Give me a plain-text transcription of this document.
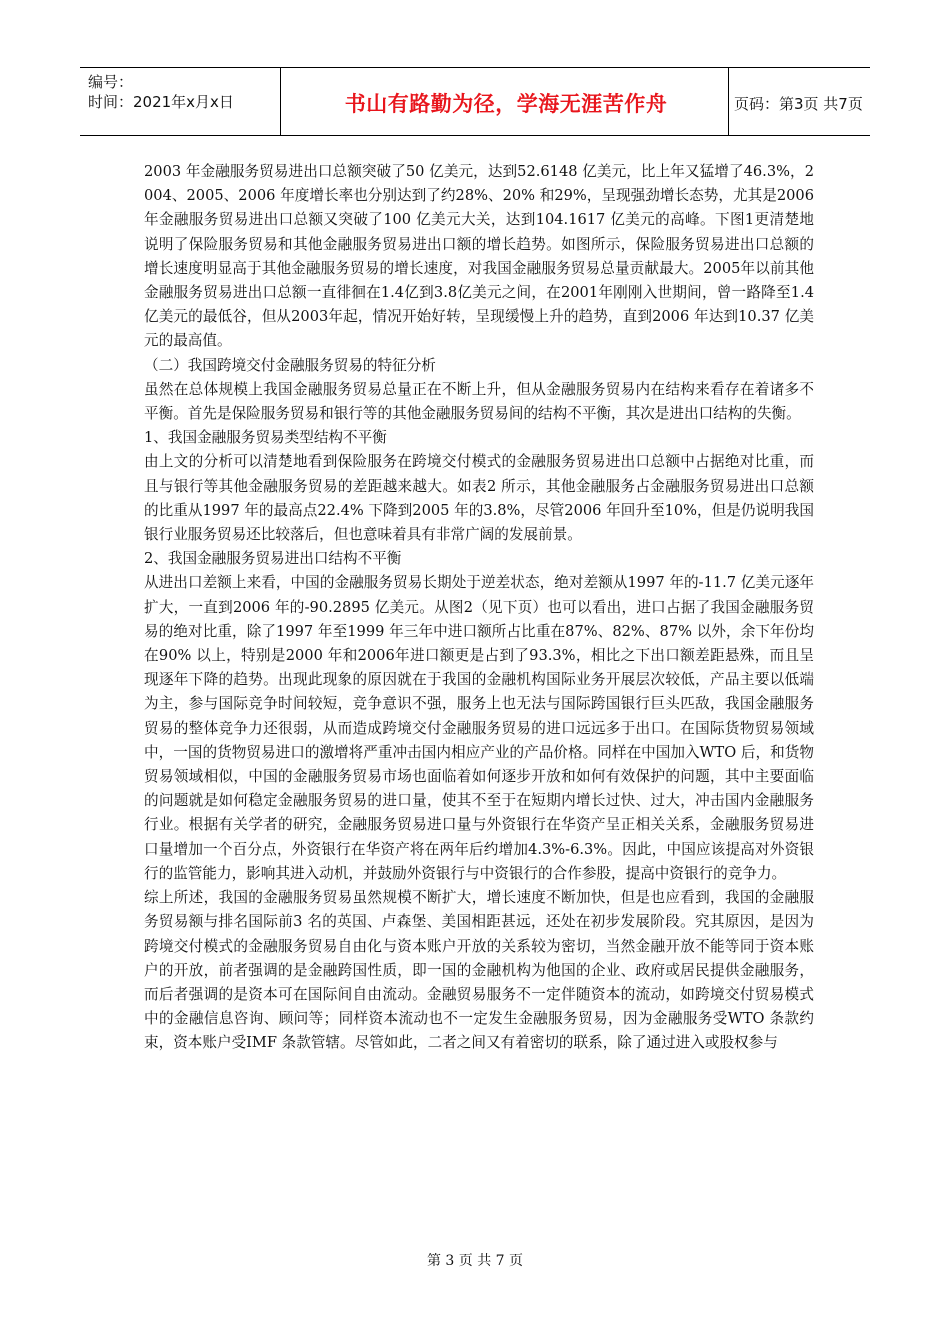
编号：
时间：2021年x月x日	书山有路勤为径，学海无涯苦作舟	页码：第3页 共7页

2003 年金融服务贸易进出口总额突破了50 亿美元，达到52.6148 亿美元，比上年又猛增了46.3%，2004、2005、2006 年度增长率也分别达到了约28%、20% 和29%，呈现强劲增长态势，尤其是2006 年金融服务贸易进出口总额又突破了100 亿美元大关，达到104.1617 亿美元的高峰。下图1更清楚地说明了保险服务贸易和其他金融服务贸易进出口额的增长趋势。如图所示，保险服务贸易进出口总额的增长速度明显高于其他金融服务贸易的增长速度，对我国金融服务贸易总量贡献最大。2005年以前其他金融服务贸易进出口总额一直徘徊在1.4亿到3.8亿美元之间，在2001年刚刚入世期间，曾一路降至1.4亿美元的最低谷，但从2003年起，情况开始好转，呈现缓慢上升的趋势，直到2006 年达到10.37 亿美元的最高值。

（二）我国跨境交付金融服务贸易的特征分析

虽然在总体规模上我国金融服务贸易总量正在不断上升，但从金融服务贸易内在结构来看存在着诸多不平衡。首先是保险服务贸易和银行等的其他金融服务贸易间的结构不平衡，其次是进出口结构的失衡。

1、我国金融服务贸易类型结构不平衡

由上文的分析可以清楚地看到保险服务在跨境交付模式的金融服务贸易进出口总额中占据绝对比重，而且与银行等其他金融服务贸易的差距越来越大。如表2 所示，其他金融服务占金融服务贸易进出口总额的比重从1997 年的最高点22.4% 下降到2005 年的3.8%，尽管2006 年回升至10%，但是仍说明我国银行业服务贸易还比较落后，但也意味着具有非常广阔的发展前景。

2、我国金融服务贸易进出口结构不平衡

从进出口差额上来看，中国的金融服务贸易长期处于逆差状态，绝对差额从1997 年的-11.7 亿美元逐年扩大，一直到2006 年的-90.2895 亿美元。从图2（见下页）也可以看出，进口占据了我国金融服务贸易的绝对比重，除了1997 年至1999 年三年中进口额所占比重在87%、82%、87% 以外，余下年份均在90% 以上，特别是2000 年和2006年进口额更是占到了93.3%，相比之下出口额差距悬殊，而且呈现逐年下降的趋势。出现此现象的原因就在于我国的金融机构国际业务开展层次较低，产品主要以低端为主，参与国际竞争时间较短，竞争意识不强，服务上也无法与国际跨国银行巨头匹敌，我国金融服务贸易的整体竞争力还很弱，从而造成跨境交付金融服务贸易的进口远远多于出口。在国际货物贸易领域中，一国的货物贸易进口的激增将严重冲击国内相应产业的产品价格。同样在中国加入WTO 后，和货物贸易领域相似，中国的金融服务贸易市场也面临着如何逐步开放和如何有效保护的问题，其中主要面临的问题就是如何稳定金融服务贸易的进口量，使其不至于在短期内增长过快、过大，冲击国内金融服务行业。根据有关学者的研究，金融服务贸易进口量与外资银行在华资产呈正相关关系，金融服务贸易进口量增加一个百分点，外资银行在华资产将在两年后约增加4.3%-6.3%。因此，中国应该提高对外资银行的监管能力，影响其进入动机，并鼓励外资银行与中资银行的合作参股，提高中资银行的竞争力。

综上所述，我国的金融服务贸易虽然规模不断扩大，增长速度不断加快，但是也应看到，我国的金融服务贸易额与排名国际前3 名的英国、卢森堡、美国相距甚远，还处在初步发展阶段。究其原因，是因为跨境交付模式的金融服务贸易自由化与资本账户开放的关系较为密切，当然金融开放不能等同于资本账户的开放，前者强调的是金融跨国性质，即一国的金融机构为他国的企业、政府或居民提供金融服务，而后者强调的是资本可在国际间自由流动。金融贸易服务不一定伴随资本的流动，如跨境交付贸易模式中的金融信息咨询、顾问等；同样资本流动也不一定发生金融服务贸易，因为金融服务受WTO 条款约束，资本账户受IMF 条款管辖。尽管如此，二者之间又有着密切的联系，除了通过进入或股权参与

第 3 页 共 7 页
